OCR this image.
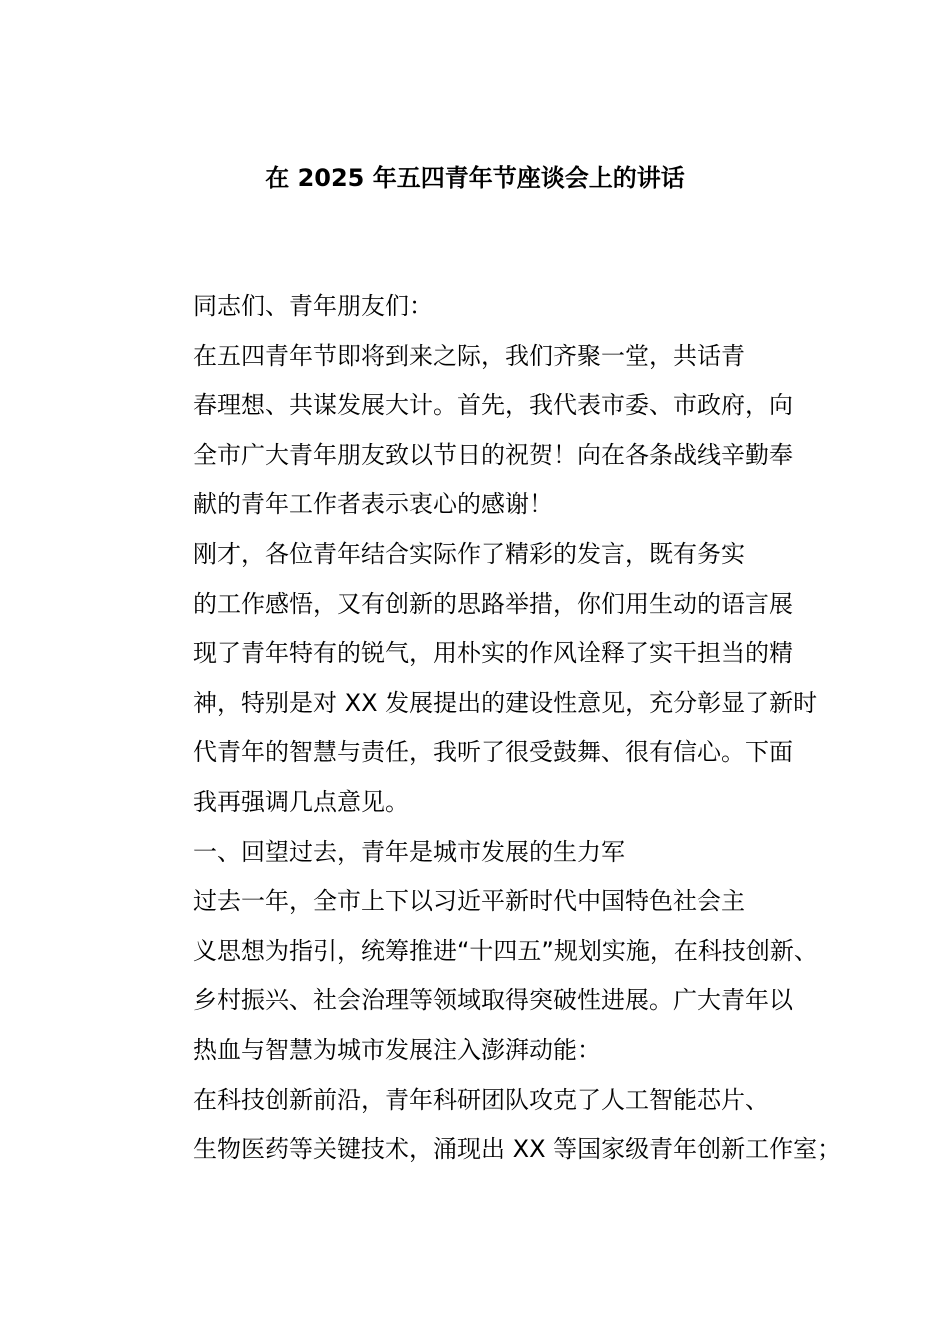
在 2025 年五四青年节座谈会上的讲话

同志们、青年朋友们：

在五四青年节即将到来之际，我们齐聚一堂，共话青
春理想、共谋发展大计。首先，我代表市委、市政府，向
全市广大青年朋友致以节日的祝贺！向在各条战线辛勤奉
献的青年工作者表示衷心的感谢！

刚才，各位青年结合实际作了精彩的发言，既有务实
的工作感悟，又有创新的思路举措，你们用生动的语言展
现了青年特有的锐气，用朴实的作风诠释了实干担当的精
神，特别是对 XX 发展提出的建设性意见，充分彰显了新时
代青年的智慧与责任，我听了很受鼓舞、很有信心。下面
我再强调几点意见。

一、回望过去，青年是城市发展的生力军

过去一年，全市上下以习近平新时代中国特色社会主
义思想为指引，统筹推进“十四五”规划实施，在科技创新、
乡村振兴、社会治理等领域取得突破性进展。广大青年以
热血与智慧为城市发展注入澎湃动能：

在科技创新前沿，青年科研团队攻克了人工智能芯片、
生物医药等关键技术，涌现出 XX 等国家级青年创新工作室；
